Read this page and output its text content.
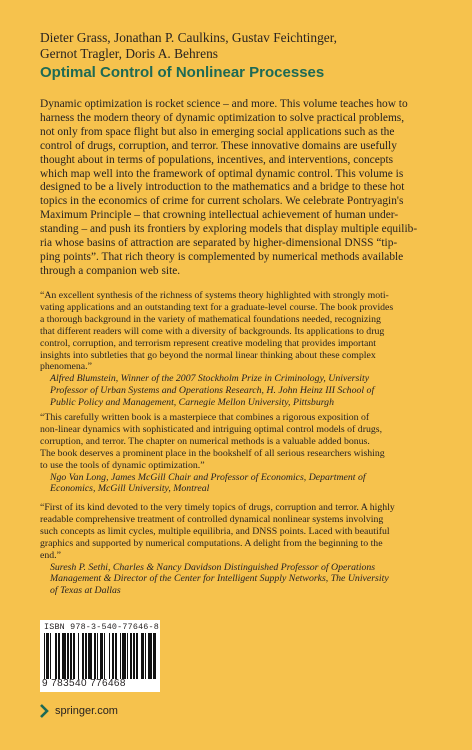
Dieter Grass, Jonathan P. Caulkins, Gustav Feichtinger,
Gernot Tragler, Doris A. Behrens
Optimal Control of Nonlinear Processes
Dynamic optimization is rocket science – and more. This volume teaches how to
harness the modern theory of dynamic optimization to solve practical problems,
not only from space flight but also in emerging social applications such as the
control of drugs, corruption, and terror. These innovative domains are usefully
thought about in terms of populations, incentives, and interventions, concepts
which map well into the framework of optimal dynamic control. This volume is
designed to be a lively introduction to the mathematics and a bridge to these hot
topics in the economics of crime for current scholars. We celebrate Pontryagin's
Maximum Principle – that crowning intellectual achievement of human under-
standing – and push its frontiers by exploring models that display multiple equilib-
ria whose basins of attraction are separated by higher-dimensional DNSS “tip-
ping points”. That rich theory is complemented by numerical methods available
through a companion web site.
“An excellent synthesis of the richness of systems theory highlighted with strongly moti-
vating applications and an outstanding text for a graduate-level course. The book provides
a thorough background in the variety of mathematical foundations needed, recognizing
that different readers will come with a diversity of backgrounds. Its applications to drug
control, corruption, and terrorism represent creative modeling that provides important
insights into subtleties that go beyond the normal linear thinking about these complex
phenomena.”
Alfred Blumstein, Winner of the 2007 Stockholm Prize in Criminology, University
Professor of Urban Systems and Operations Research, H. John Heinz III School of
Public Policy and Management, Carnegie Mellon University, Pittsburgh
“This carefully written book is a masterpiece that combines a rigorous exposition of
non-linear dynamics with sophisticated and intriguing optimal control models of drugs,
corruption, and terror. The chapter on numerical methods is a valuable added bonus.
The book deserves a prominent place in the bookshelf of all serious researchers wishing
to use the tools of dynamic optimization.”
Ngo Van Long, James McGill Chair and Professor of Economics, Department of
Economics, McGill University, Montreal
“First of its kind devoted to the very timely topics of drugs, corruption and terror. A highly
readable comprehensive treatment of controlled dynamical nonlinear systems involving
such concepts as limit cycles, multiple equilibria, and DNSS points. Laced with beautiful
graphics and supported by numerical computations. A delight from the beginning to the
end.”
Suresh P. Sethi, Charles & Nancy Davidson Distinguished Professor of Operations
Management & Director of the Center for Intelligent Supply Networks, The University
of Texas at Dallas
ISBN 978-3-540-77646-8
9 783540 776468
springer.com
